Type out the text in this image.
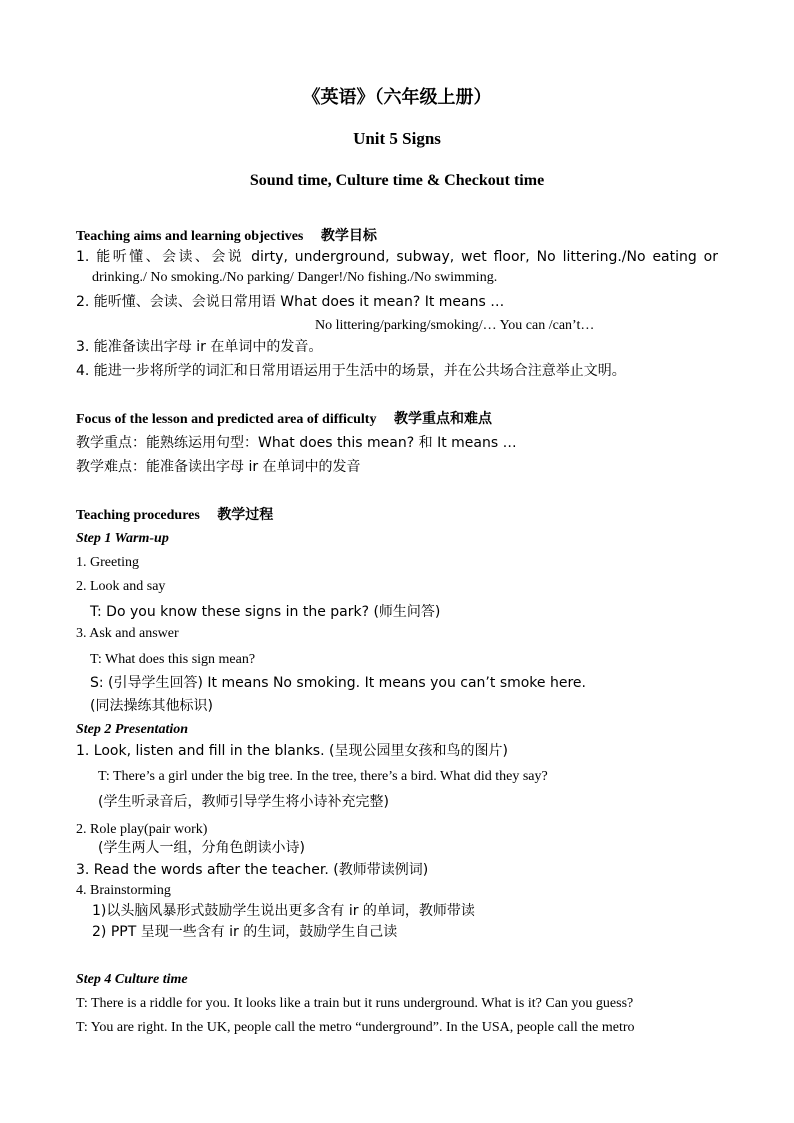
《英语》（六年级上册）
Unit 5 Signs
Sound time, Culture time & Checkout time
Teaching aims and learning objectives 教学目标
1. 能听懂、会读、会说 dirty, underground, subway, wet floor, No littering./No eating or
drinking./ No smoking./No parking/ Danger!/No fishing./No swimming.
2. 能听懂、会读、会说日常用语 What does it mean? It means …
No littering/parking/smoking/… You can /can’t…
3. 能准备读出字母 ir 在单词中的发音。
4. 能进一步将所学的词汇和日常用语运用于生活中的场景，并在公共场合注意举止文明。
Focus of the lesson and predicted area of difficulty 教学重点和难点
教学重点：能熟练运用句型：What does this mean? 和 It means …
教学难点：能准备读出字母 ir 在单词中的发音
Teaching procedures 教学过程
Step 1 Warm-up
1. Greeting
2. Look and say
T: Do you know these signs in the park? (师生问答)
3. Ask and answer
T: What does this sign mean?
S: (引导学生回答) It means No smoking. It means you can’t smoke here.
(同法操练其他标识)
Step 2 Presentation
1. Look, listen and fill in the blanks. (呈现公园里女孩和鸟的图片)
T: There’s a girl under the big tree. In the tree, there’s a bird. What did they say?
(学生听录音后，教师引导学生将小诗补充完整)
2. Role play(pair work)
(学生两人一组，分角色朗读小诗)
3. Read the words after the teacher. (教师带读例词)
4. Brainstorming
1)以头脑风暴形式鼓励学生说出更多含有 ir 的单词，教师带读
2) PPT 呈现一些含有 ir 的生词，鼓励学生自己读
Step 4 Culture time
T: There is a riddle for you. It looks like a train but it runs underground. What is it? Can you guess?
T: You are right. In the UK, people call the metro “underground”. In the USA, people call the metro
